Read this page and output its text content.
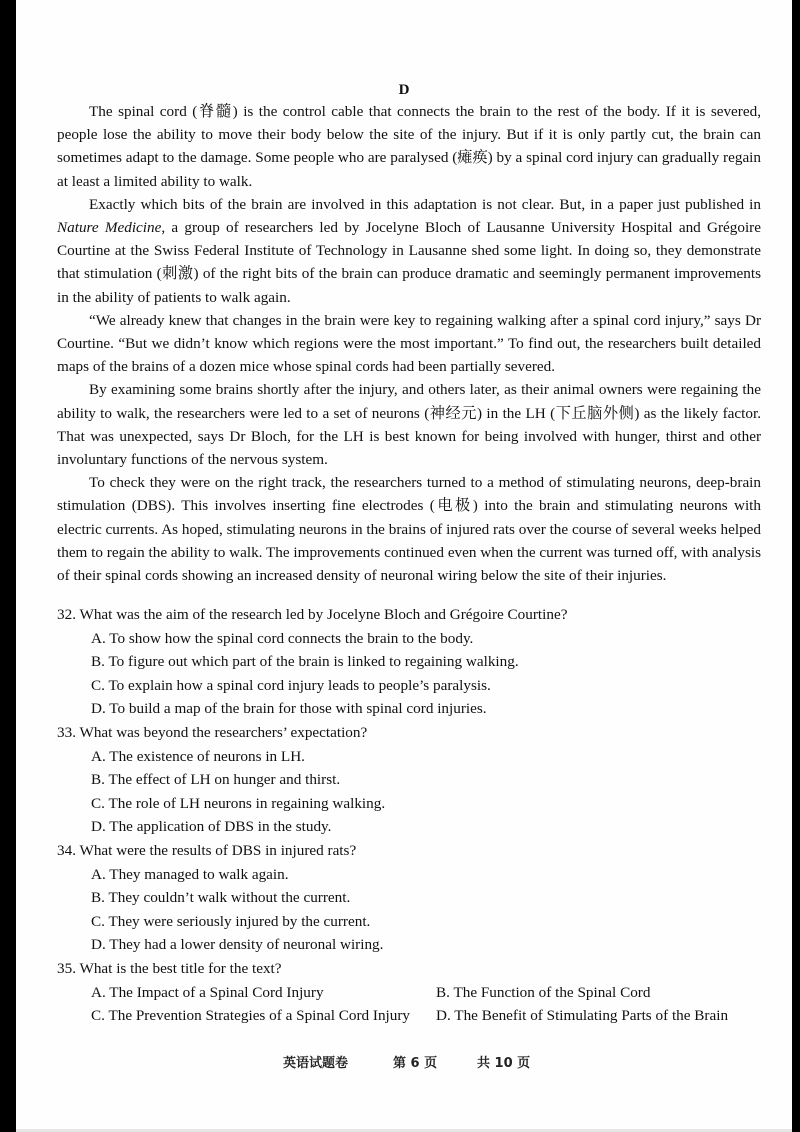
D

The spinal cord (脊髓) is the control cable that connects the brain to the rest of the body. If it is severed, people lose the ability to move their body below the site of the injury. But if it is only partly cut, the brain can sometimes adapt to the damage. Some people who are paralysed (瘫痪) by a spinal cord injury can gradually regain at least a limited ability to walk.

Exactly which bits of the brain are involved in this adaptation is not clear. But, in a paper just published in Nature Medicine, a group of researchers led by Jocelyne Bloch of Lausanne University Hospital and Grégoire Courtine at the Swiss Federal Institute of Technology in Lausanne shed some light. In doing so, they demonstrate that stimulation (刺激) of the right bits of the brain can produce dramatic and seemingly permanent improvements in the ability of patients to walk again.

“We already knew that changes in the brain were key to regaining walking after a spinal cord injury,” says Dr Courtine. “But we didn’t know which regions were the most important.” To find out, the researchers built detailed maps of the brains of a dozen mice whose spinal cords had been partially severed.

By examining some brains shortly after the injury, and others later, as their animal owners were regaining the ability to walk, the researchers were led to a set of neurons (神经元) in the LH (下丘脑外侧) as the likely factor. That was unexpected, says Dr Bloch, for the LH is best known for being involved with hunger, thirst and other involuntary functions of the nervous system.

To check they were on the right track, the researchers turned to a method of stimulating neurons, deep-brain stimulation (DBS). This involves inserting fine electrodes (电极) into the brain and stimulating neurons with electric currents. As hoped, stimulating neurons in the brains of injured rats over the course of several weeks helped them to regain the ability to walk. The improvements continued even when the current was turned off, with analysis of their spinal cords showing an increased density of neuronal wiring below the site of their injuries.

32. What was the aim of the research led by Jocelyne Bloch and Grégoire Courtine?

A. To show how the spinal cord connects the brain to the body.

B. To figure out which part of the brain is linked to regaining walking.

C. To explain how a spinal cord injury leads to people’s paralysis.

D. To build a map of the brain for those with spinal cord injuries.

33. What was beyond the researchers’ expectation?

A. The existence of neurons in LH.

B. The effect of LH on hunger and thirst.

C. The role of LH neurons in regaining walking.

D. The application of DBS in the study.

34. What were the results of DBS in injured rats?

A. They managed to walk again.

B. They couldn’t walk without the current.

C. They were seriously injured by the current.

D. They had a lower density of neuronal wiring.

35. What is the best title for the text?

A. The Impact of a Spinal Cord Injury	B. The Function of the Spinal Cord
C. The Prevention Strategies of a Spinal Cord Injury	D. The Benefit of Stimulating Parts of the Brain
英语试题卷	第 6 页	共 10 页
